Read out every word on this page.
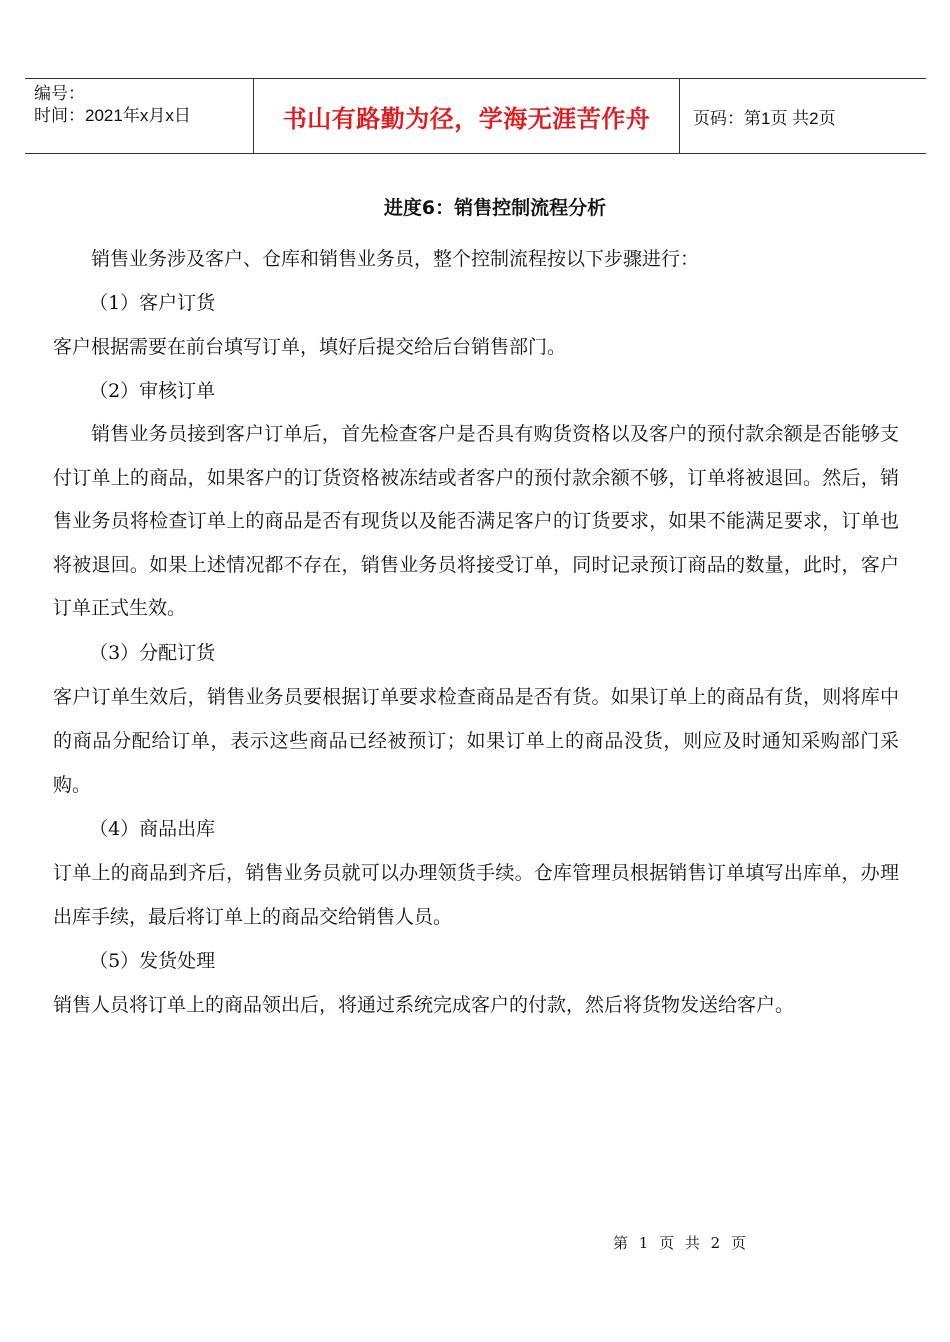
编号：
时间：2021年x月x日	书山有路勤为径，学海无涯苦作舟	页码：第1页 共2页
进度6：销售控制流程分析

销售业务涉及客户、仓库和销售业务员，整个控制流程按以下步骤进行：

（1）客户订货

客户根据需要在前台填写订单，填好后提交给后台销售部门。

（2）审核订单

销售业务员接到客户订单后，首先检查客户是否具有购货资格以及客户的预付款余额是否能够支付订单上的商品，如果客户的订货资格被冻结或者客户的预付款余额不够，订单将被退回。然后，销售业务员将检查订单上的商品是否有现货以及能否满足客户的订货要求，如果不能满足要求，订单也将被退回。如果上述情况都不存在，销售业务员将接受订单，同时记录预订商品的数量，此时，客户订单正式生效。

（3）分配订货

客户订单生效后，销售业务员要根据订单要求检查商品是否有货。如果订单上的商品有货，则将库中的商品分配给订单，表示这些商品已经被预订；如果订单上的商品没货，则应及时通知采购部门采购。

（4）商品出库

订单上的商品到齐后，销售业务员就可以办理领货手续。仓库管理员根据销售订单填写出库单，办理出库手续，最后将订单上的商品交给销售人员。

（5）发货处理

销售人员将订单上的商品领出后，将通过系统完成客户的付款，然后将货物发送给客户。

第 1 页 共 2 页
